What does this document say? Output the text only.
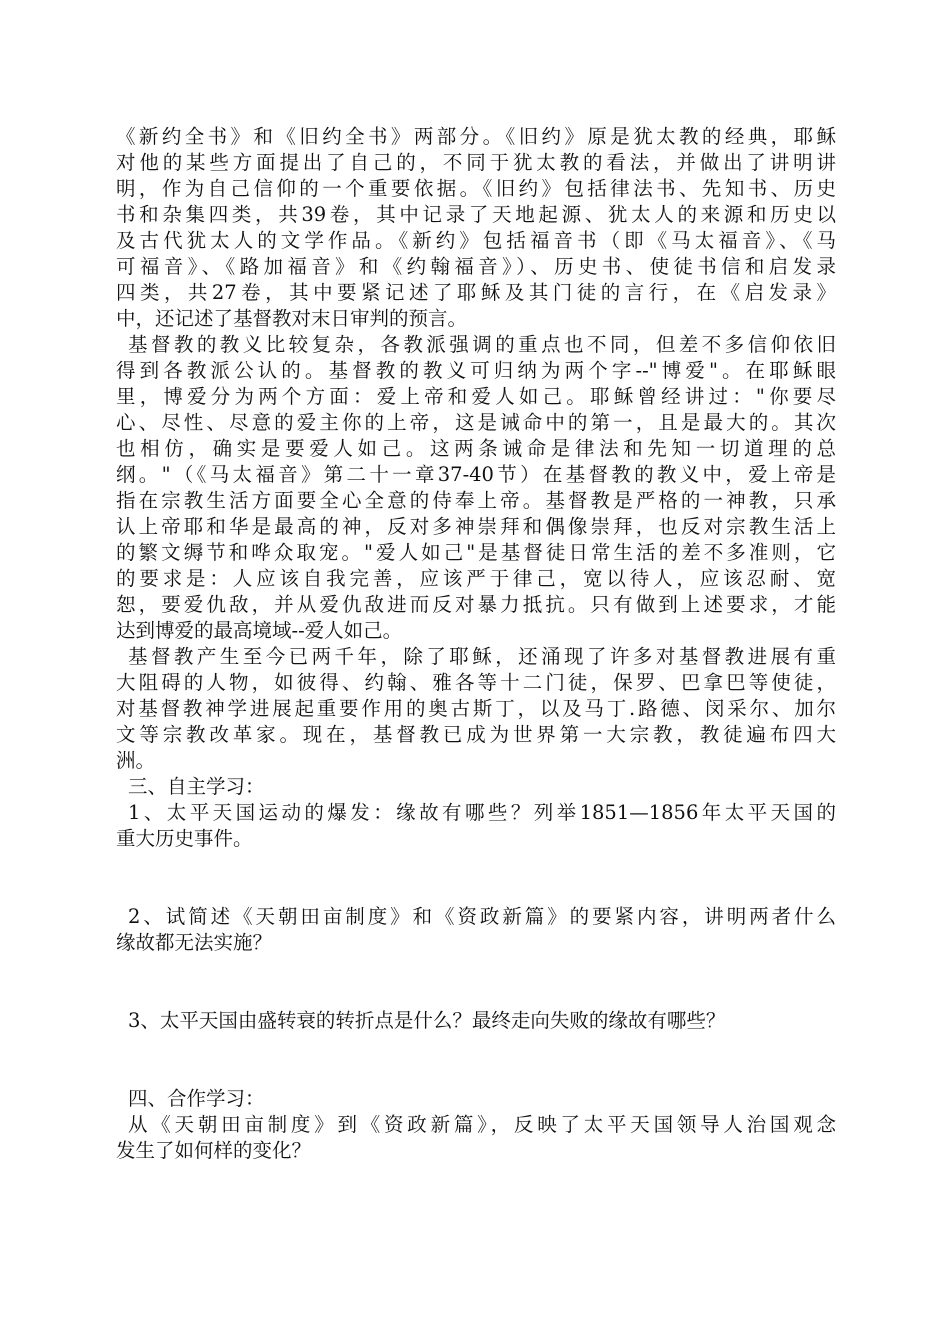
《新约全书》和《旧约全书》两部分。《旧约》原是犹太教的经典，耶稣
对他的某些方面提出了自己的，不同于犹太教的看法，并做出了讲明讲
明，作为自己信仰的一个重要依据。《旧约》包括律法书、先知书、历史
书和杂集四类，共39卷，其中记录了天地起源、犹太人的来源和历史以
及古代犹太人的文学作品。《新约》包括福音书（即《马太福音》、《马
可福音》、《路加福音》和《约翰福音》）、历史书、使徒书信和启发录
四类，共27卷，其中要紧记述了耶稣及其门徒的言行，在《启发录》
中，还记述了基督教对末日审判的预言。
基督教的教义比较复杂，各教派强调的重点也不同，但差不多信仰依旧
得到各教派公认的。基督教的教义可归纳为两个字--"博爱"。在耶稣眼
里，博爱分为两个方面：爱上帝和爱人如己。耶稣曾经讲过："你要尽
心、尽性、尽意的爱主你的上帝，这是诫命中的第一，且是最大的。其次
也相仿，确实是要爱人如己。这两条诫命是律法和先知一切道理的总
纲。"（《马太福音》第二十一章37-40节）在基督教的教义中，爱上帝是
指在宗教生活方面要全心全意的侍奉上帝。基督教是严格的一神教，只承
认上帝耶和华是最高的神，反对多神崇拜和偶像崇拜，也反对宗教生活上
的繁文缛节和哗众取宠。"爱人如己"是基督徒日常生活的差不多准则，它
的要求是：人应该自我完善，应该严于律己，宽以待人，应该忍耐、宽
恕，要爱仇敌，并从爱仇敌进而反对暴力抵抗。只有做到上述要求，才能
达到博爱的最高境域--爱人如己。
基督教产生至今已两千年，除了耶稣，还涌现了许多对基督教进展有重
大阻碍的人物，如彼得、约翰、雅各等十二门徒，保罗、巴拿巴等使徒，
对基督教神学进展起重要作用的奥古斯丁，以及马丁.路德、闵采尔、加尔
文等宗教改革家。现在，基督教已成为世界第一大宗教，教徒遍布四大
洲。
三、自主学习：
1、太平天国运动的爆发：缘故有哪些？列举1851—1856年太平天国的
重大历史事件。
2、试简述《天朝田亩制度》和《资政新篇》的要紧内容，讲明两者什么
缘故都无法实施？
3、太平天国由盛转衰的转折点是什么？最终走向失败的缘故有哪些？
四、合作学习：
从《天朝田亩制度》到《资政新篇》，反映了太平天国领导人治国观念
发生了如何样的变化？
